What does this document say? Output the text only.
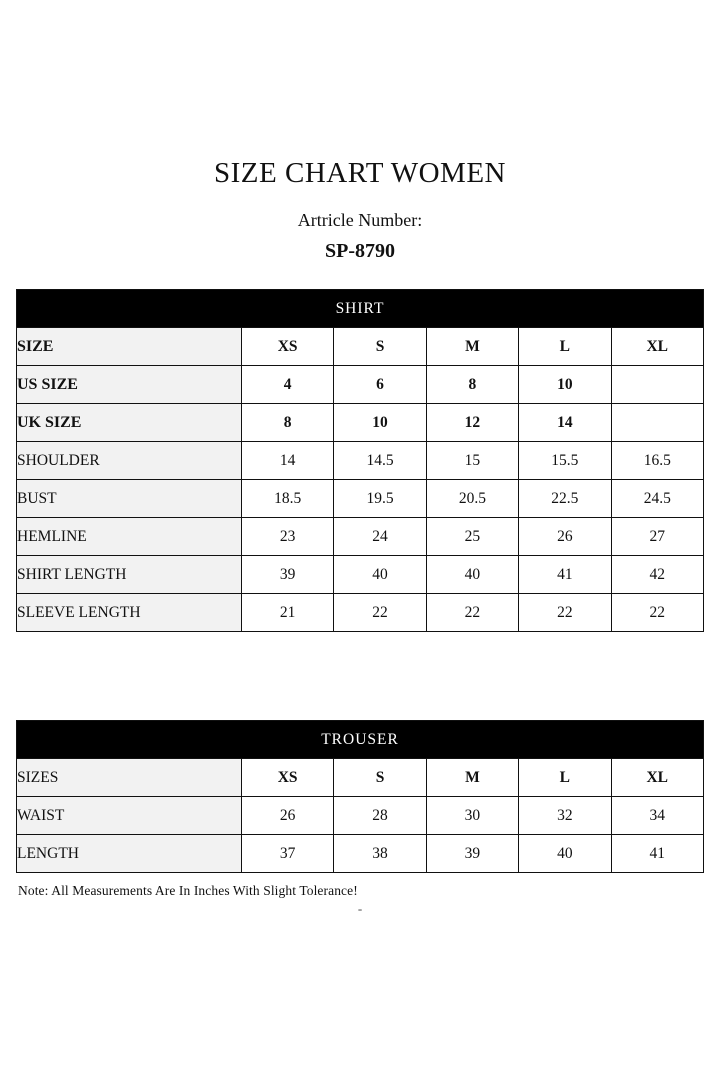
SIZE CHART WOMEN

Artricle Number:

SP-8790

SHIRT					
SIZE	XS	S	M	L	XL
US SIZE	4	6	8	10	
UK SIZE	8	10	12	14	
SHOULDER	14	14.5	15	15.5	16.5
BUST	18.5	19.5	20.5	22.5	24.5
HEMLINE	23	24	25	26	27
SHIRT LENGTH	39	40	40	41	42
SLEEVE LENGTH	21	22	22	22	22
TROUSER					
SIZES	XS	S	M	L	XL
WAIST	26	28	30	32	34
LENGTH	37	38	39	40	41
Note: All Measurements Are In Inches With Slight Tolerance!
-
